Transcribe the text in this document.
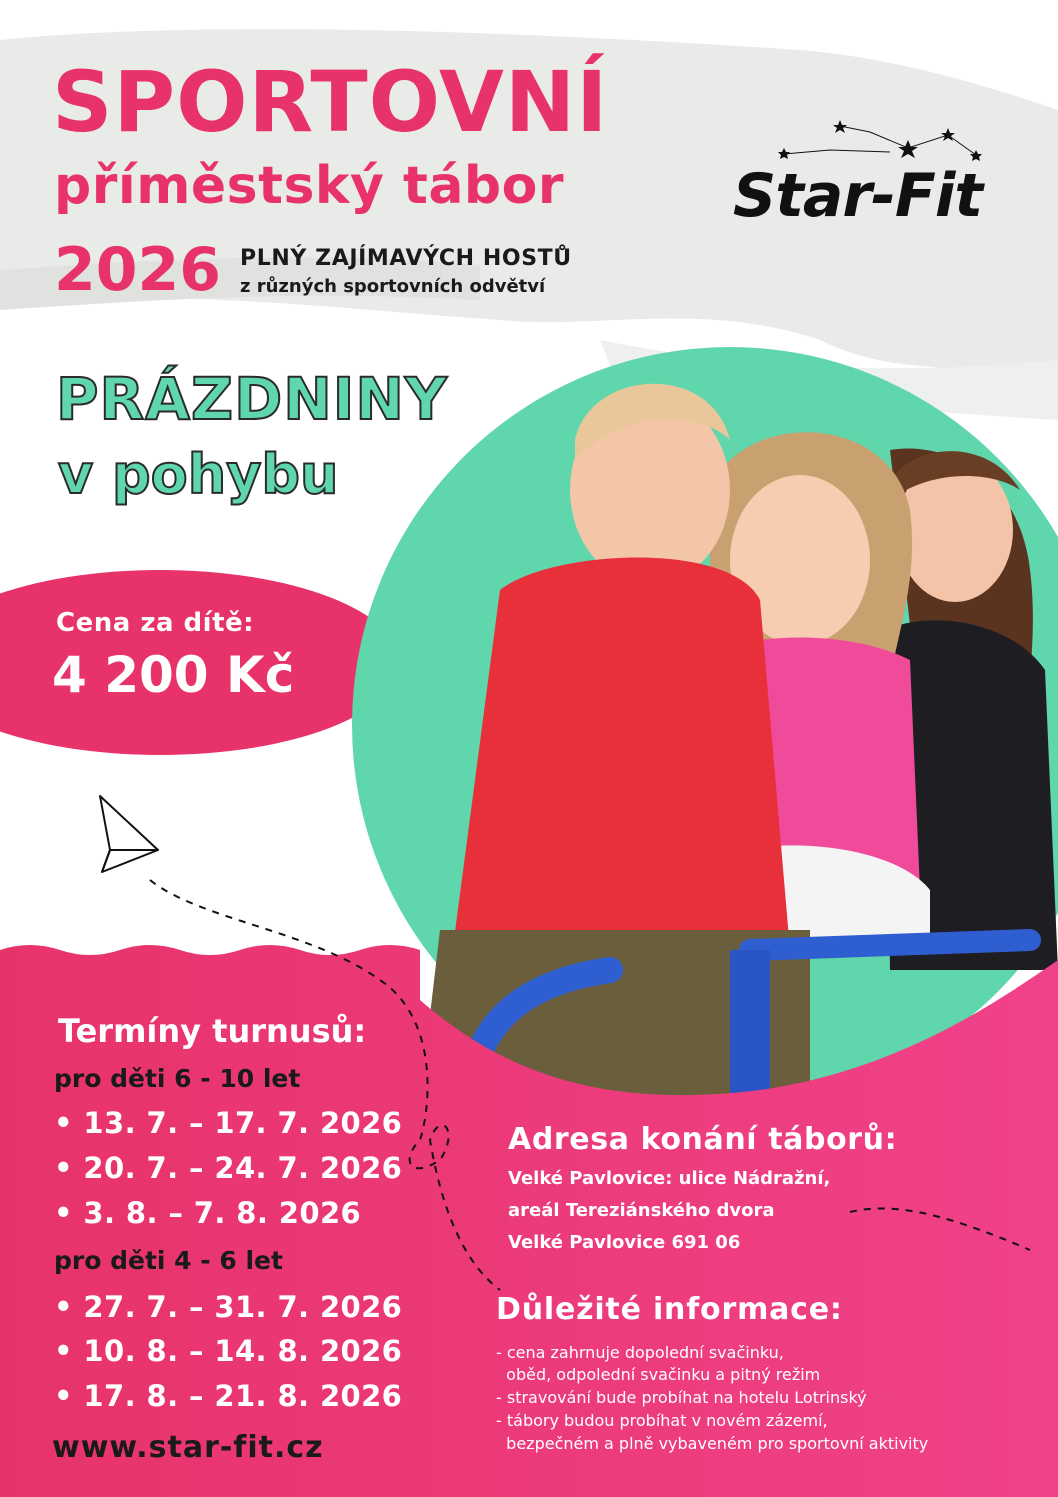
SPORTOVNÍ
příměstský tábor
2026 PLNÝ ZAJÍMAVÝCH HOSTŮ
z různých sportovních odvětví
Star-Fit
PRÁZDNINY
v pohybu
Cena za dítě:
4 200 Kč
Termíny turnusů:
pro děti 6 - 10 let
• 13. 7. – 17. 7. 2026
• 20. 7. – 24. 7. 2026
• 3. 8. – 7. 8. 2026
pro děti 4 - 6 let
• 27. 7. – 31. 7. 2026
• 10. 8. – 14. 8. 2026
• 17. 8. – 21. 8. 2026
www.star-fit.cz
Adresa konání táborů:
Velké Pavlovice: ulice Nádražní,
areál Tereziánského dvora
Velké Pavlovice 691 06
Důležité informace:
- cena zahrnuje dopolední svačinku,
oběd, odpolední svačinku a pitný režim
- stravování bude probíhat na hotelu Lotrinský
- tábory budou probíhat v novém zázemí,
bezpečném a plně vybaveném pro sportovní aktivity
